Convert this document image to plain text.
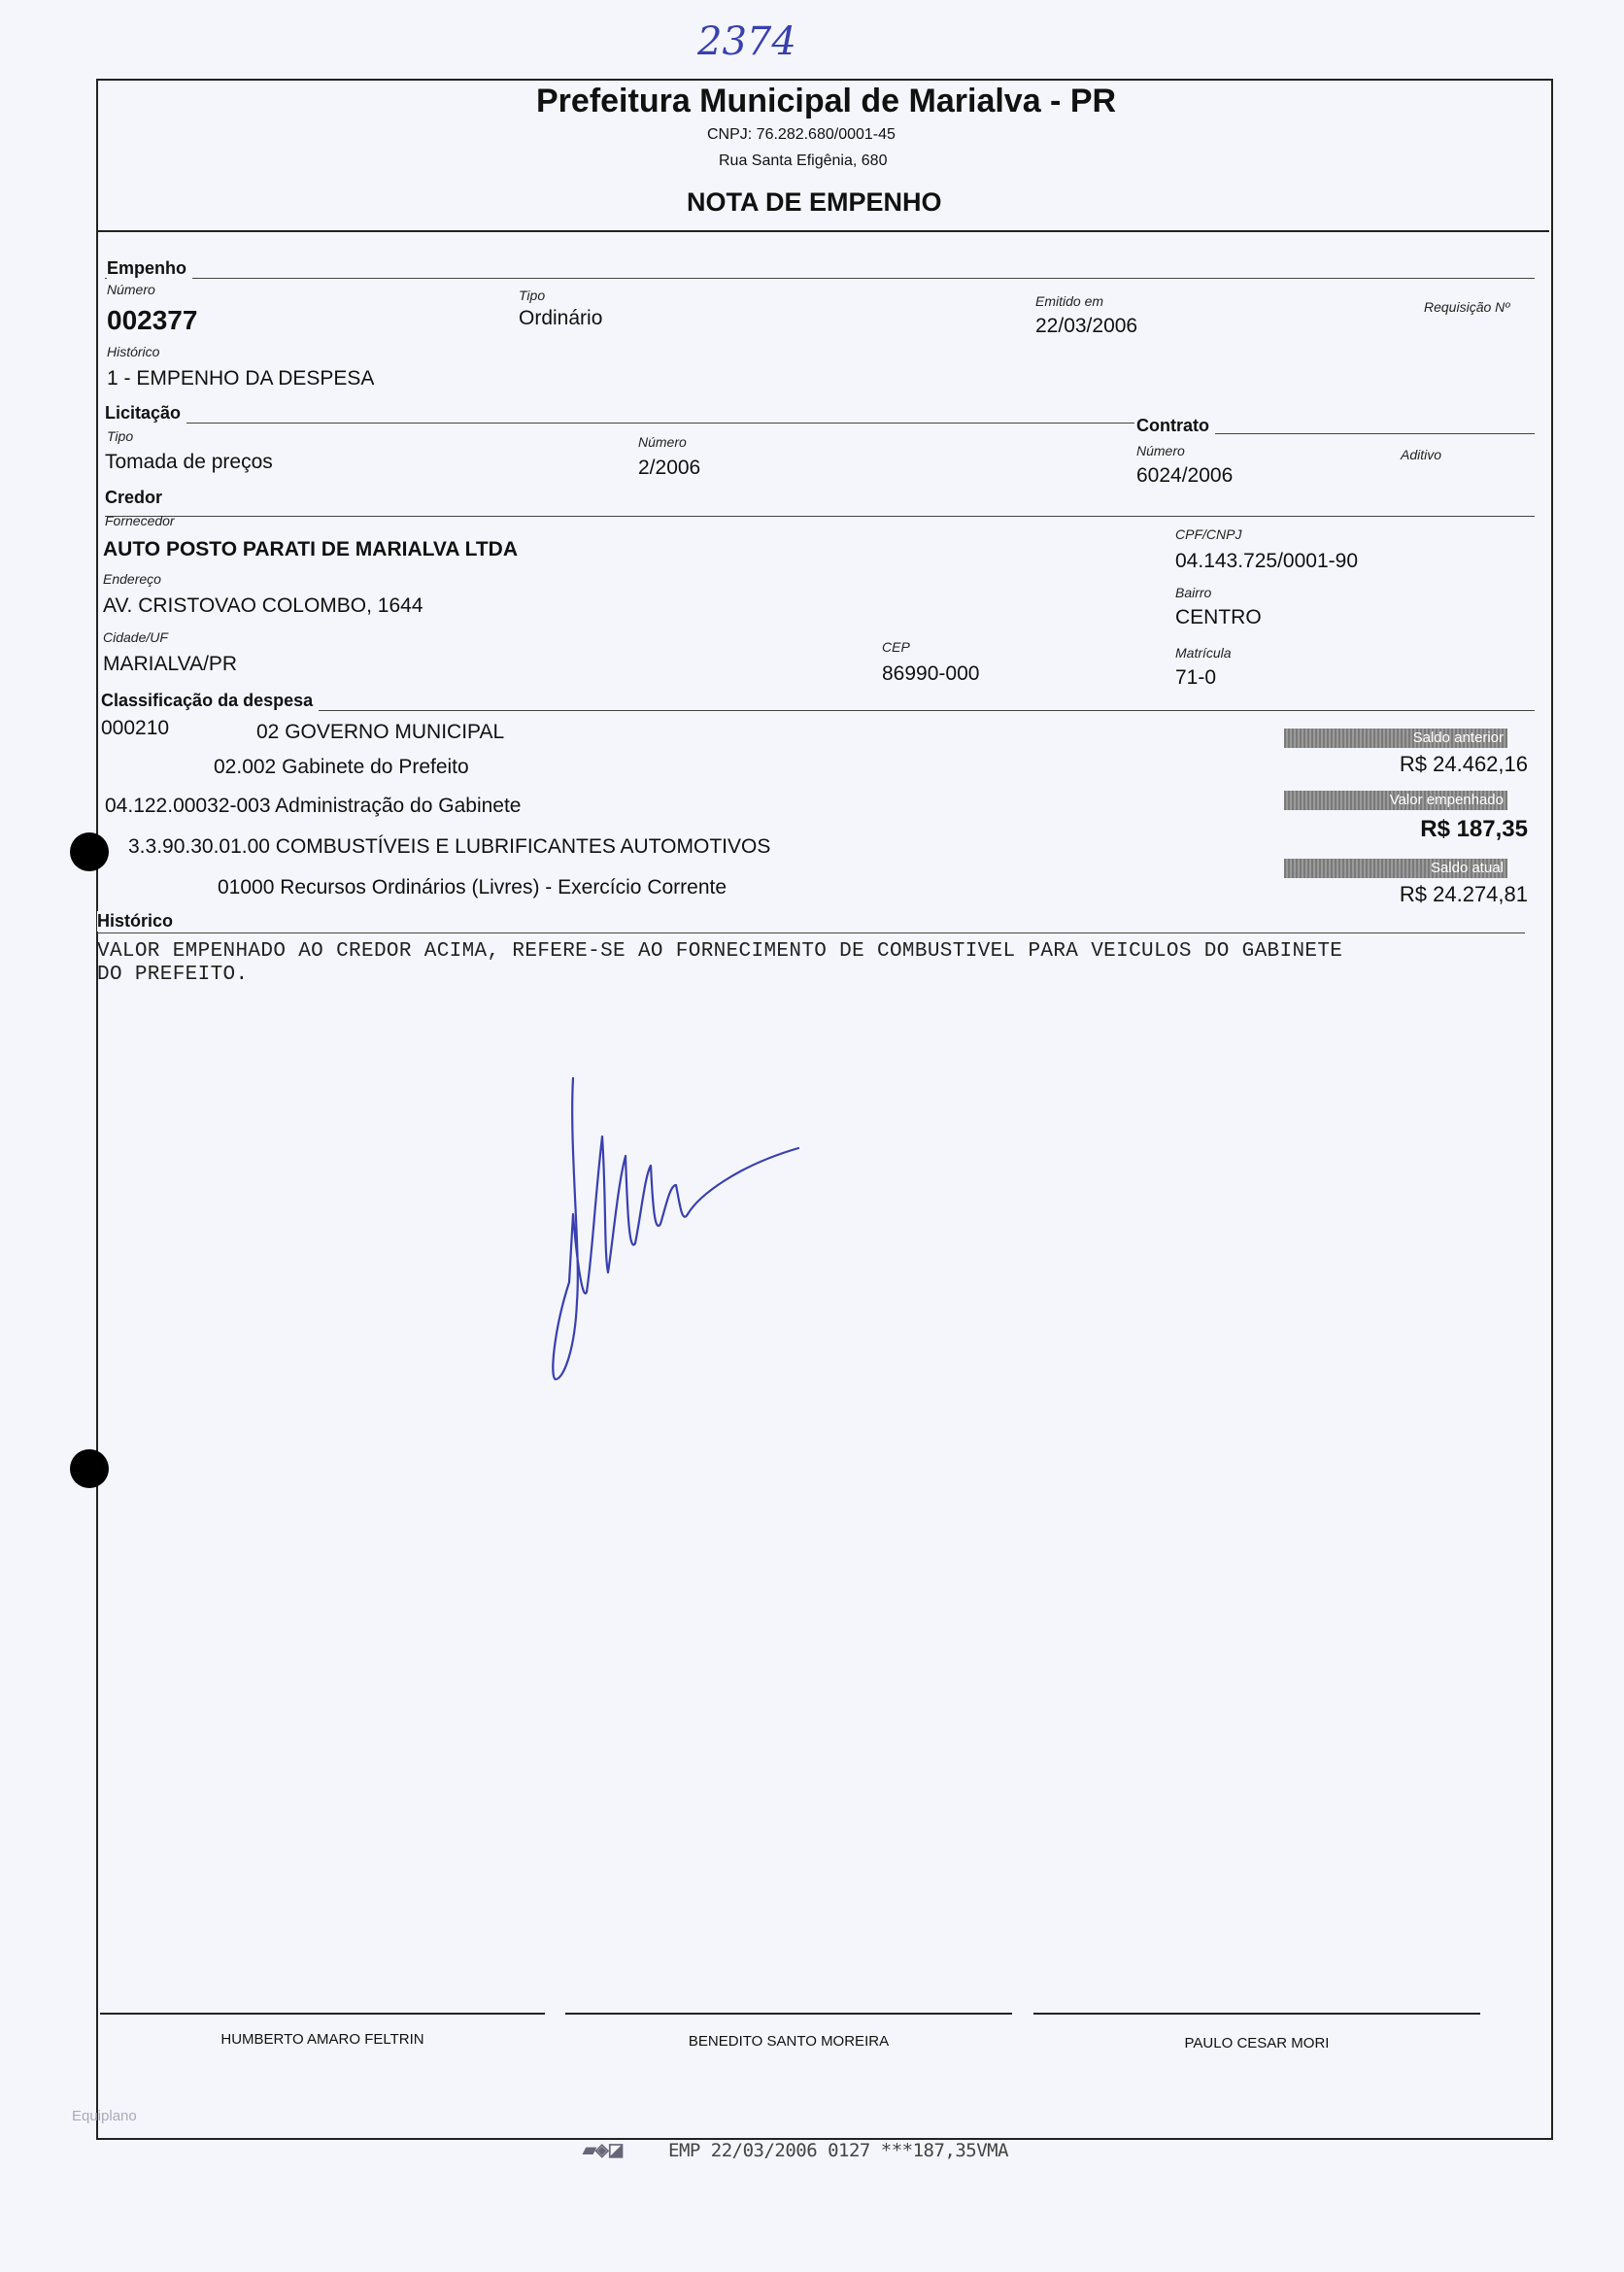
2374
Prefeitura Municipal de Marialva - PR
CNPJ: 76.282.680/0001-45
Rua Santa Efigênia, 680
NOTA DE EMPENHO
Empenho
Número
002377
Tipo
Ordinário
Emitido em
22/03/2006
Requisição Nº
Histórico
1 - EMPENHO DA DESPESA
Licitação
Tipo
Tomada de preços
Número
2/2006
Contrato
Número
6024/2006
Aditivo
Credor
Fornecedor
AUTO POSTO PARATI DE MARIALVA LTDA
CPF/CNPJ
04.143.725/0001-90
Endereço
AV. CRISTOVAO COLOMBO, 1644
Bairro
CENTRO
Cidade/UF
MARIALVA/PR
CEP
86990-000
Matrícula
71-0
Classificação da despesa
000210	02 GOVERNO MUNICIPAL
02.002 Gabinete do Prefeito
04.122.00032-003 Administração do Gabinete
3.3.90.30.01.00 COMBUSTÍVEIS E LUBRIFICANTES AUTOMOTIVOS
01000 Recursos Ordinários (Livres) - Exercício Corrente
Saldo anterior
R$ 24.462,16
Valor empenhado
R$ 187,35
Saldo atual
R$ 24.274,81
Histórico
VALOR EMPENHADO AO CREDOR ACIMA, REFERE-SE AO FORNECIMENTO DE COMBUSTIVEL PARA VEICULOS DO GABINETE
DO PREFEITO.
HUMBERTO AMARO FELTRIN	BENEDITO SANTO MOREIRA	PAULO CESAR MORI
Equiplano
▰◈◪ EMP 22/03/2006 0127 ***187,35VMA
